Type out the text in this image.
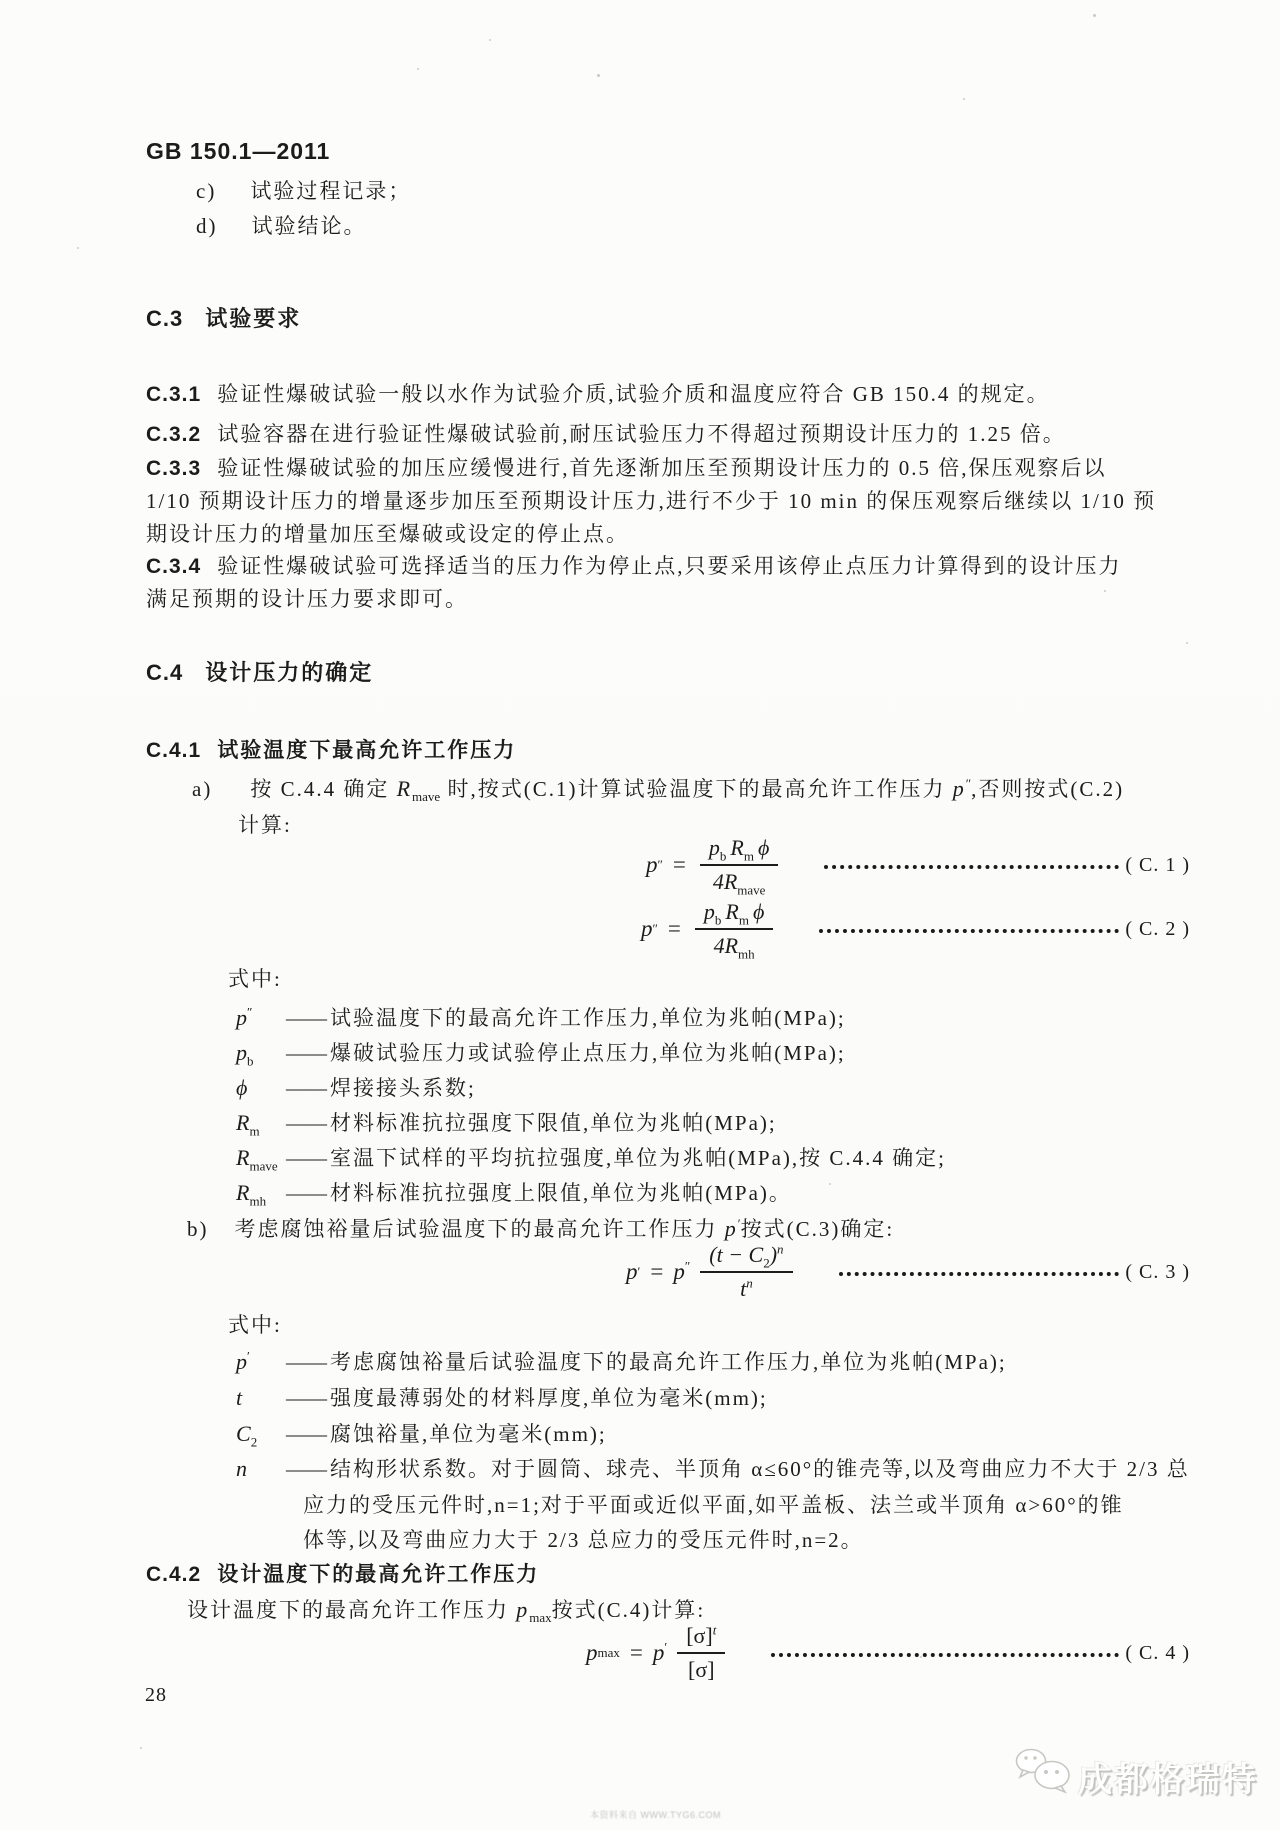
GB 150.1—2011
c) 试验过程记录；
d) 试验结论。
C.3 试验要求
C.3.1 验证性爆破试验一般以水作为试验介质,试验介质和温度应符合 GB 150.4 的规定。
C.3.2 试验容器在进行验证性爆破试验前,耐压试验压力不得超过预期设计压力的 1.25 倍。
C.3.3 验证性爆破试验的加压应缓慢进行,首先逐渐加压至预期设计压力的 0.5 倍,保压观察后以
1/10 预期设计压力的增量逐步加压至预期设计压力,进行不少于 10 min 的保压观察后继续以 1/10 预
期设计压力的增量加压至爆破或设定的停止点。
C.3.4 验证性爆破试验可选择适当的压力作为停止点,只要采用该停止点压力计算得到的设计压力
满足预期的设计压力要求即可。
C.4 设计压力的确定
C.4.1 试验温度下最高允许工作压力
a) 按 C.4.4 确定 $R_{mave}$ 时,按式(C.1)计算试验温度下的最高允许工作压力 p″,否则按式(C.2)
计算:
p ″ = $\frac{p_b R_m \phi}{4R_{mave}}$	( C. 1 )
p ″ = $\frac{p_b R_m \phi}{4R_{mh}}$	( C. 2 )
式中:
p″	—— 试验温度下的最高允许工作压力,单位为兆帕(MPa);
$p_b$	—— 爆破试验压力或试验停止点压力,单位为兆帕(MPa);
ϕ	—— 焊接接头系数;
$R_m$	—— 材料标准抗拉强度下限值,单位为兆帕(MPa);
$R_{mave}$ —— 室温下试样的平均抗拉强度,单位为兆帕(MPa),按 C.4.4 确定;
$R_{mh}$ —— 材料标准抗拉强度上限值,单位为兆帕(MPa)。
b) 考虑腐蚀裕量后试验温度下的最高允许工作压力 p′按式(C.3)确定:
p ′ = $p'' \frac{(t - C_2)^n}{t^n}$	( C. 3 )
式中:
p′	—— 考虑腐蚀裕量后试验温度下的最高允许工作压力,单位为兆帕(MPa);
t	—— 强度最薄弱处的材料厚度,单位为毫米(mm);
$C_2$	—— 腐蚀裕量,单位为毫米(mm);
n	—— 结构形状系数。对于圆筒、球壳、半顶角 α≤60°的锥壳等,以及弯曲应力不大于 2/3 总
应力的受压元件时,n=1;对于平面或近似平面,如平盖板、法兰或半顶角 α>60°的锥
体等,以及弯曲应力大于 2/3 总应力的受压元件时,n=2。
C.4.2 设计温度下的最高允许工作压力
设计温度下的最高允许工作压力 $p_{max}$按式(C.4)计算:
p $\max = p' \frac{[\sigma]^t}{[\sigma]}$	( C. 4 )
28
成都格瑞特
本资料来自 WWW.TYG6.COM
